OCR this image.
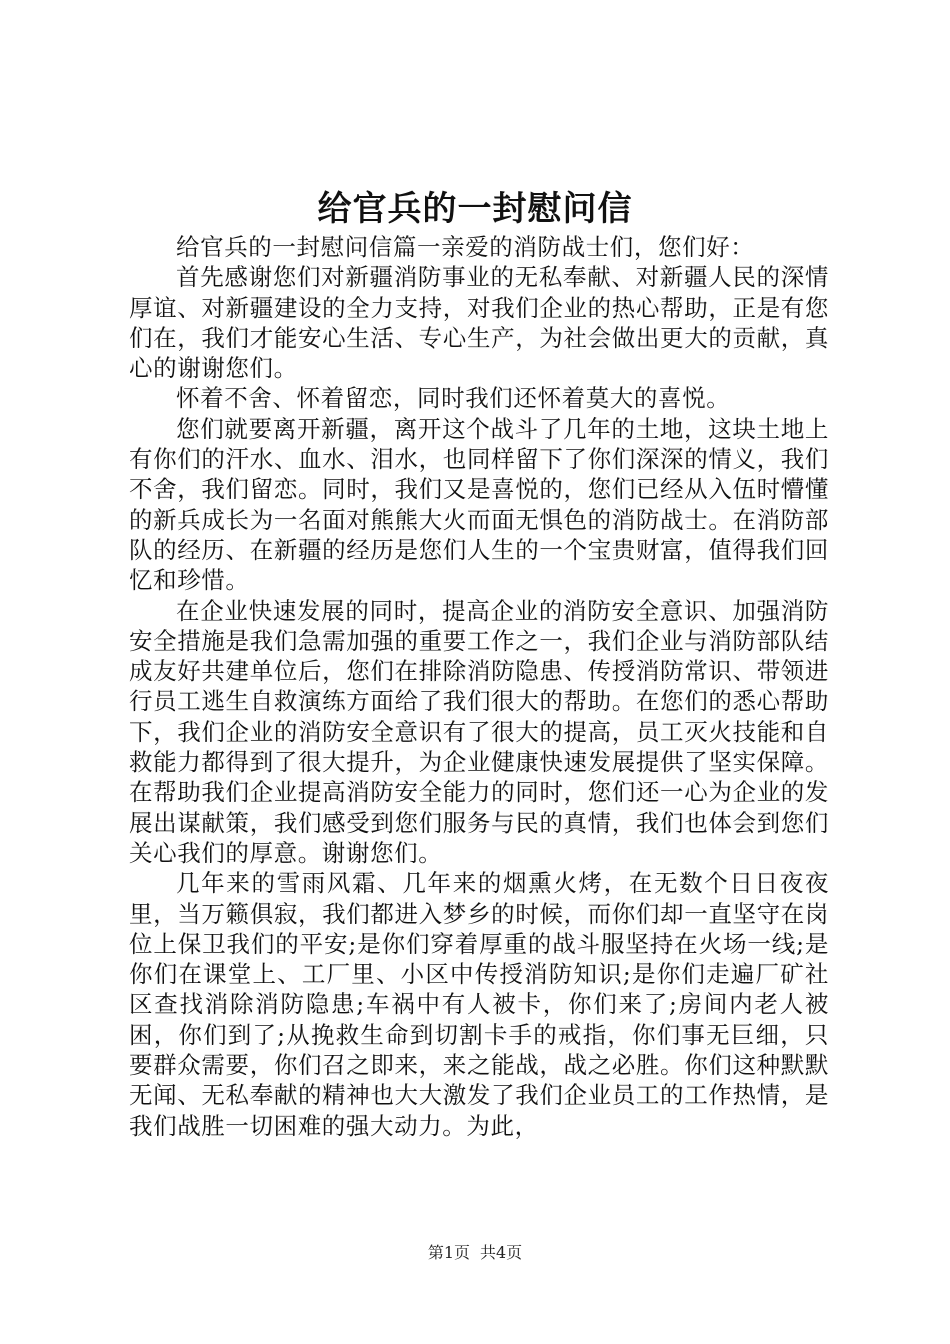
给官兵的一封慰问信

给官兵的一封慰问信篇一亲爱的消防战士们，您们好：

首先感谢您们对新疆消防事业的无私奉献、对新疆人民的深情厚谊、对新疆建设的全力支持，对我们企业的热心帮助，正是有您们在，我们才能安心生活、专心生产，为社会做出更大的贡献，真心的谢谢您们。

怀着不舍、怀着留恋，同时我们还怀着莫大的喜悦。

您们就要离开新疆，离开这个战斗了几年的土地，这块土地上有你们的汗水、血水、泪水，也同样留下了你们深深的情义，我们不舍，我们留恋。同时，我们又是喜悦的，您们已经从入伍时懵懂的新兵成长为一名面对熊熊大火而面无惧色的消防战士。在消防部队的经历、在新疆的经历是您们人生的一个宝贵财富，值得我们回忆和珍惜。

在企业快速发展的同时，提高企业的消防安全意识、加强消防安全措施是我们急需加强的重要工作之一，我们企业与消防部队结成友好共建单位后，您们在排除消防隐患、传授消防常识、带领进行员工逃生自救演练方面给了我们很大的帮助。在您们的悉心帮助下，我们企业的消防安全意识有了很大的提高，员工灭火技能和自救能力都得到了很大提升，为企业健康快速发展提供了坚实保障。在帮助我们企业提高消防安全能力的同时，您们还一心为企业的发展出谋献策，我们感受到您们服务与民的真情，我们也体会到您们关心我们的厚意。谢谢您们。

几年来的雪雨风霜、几年来的烟熏火烤，在无数个日日夜夜里，当万籁俱寂，我们都进入梦乡的时候，而你们却一直坚守在岗位上保卫我们的平安;是你们穿着厚重的战斗服坚持在火场一线;是你们在课堂上、工厂里、小区中传授消防知识;是你们走遍厂矿社区查找消除消防隐患;车祸中有人被卡，你们来了;房间内老人被困，你们到了;从挽救生命到切割卡手的戒指，你们事无巨细，只要群众需要，你们召之即来，来之能战，战之必胜。你们这种默默无闻、无私奉献的精神也大大激发了我们企业员工的工作热情，是我们战胜一切困难的强大动力。为此，

第1页 共4页
